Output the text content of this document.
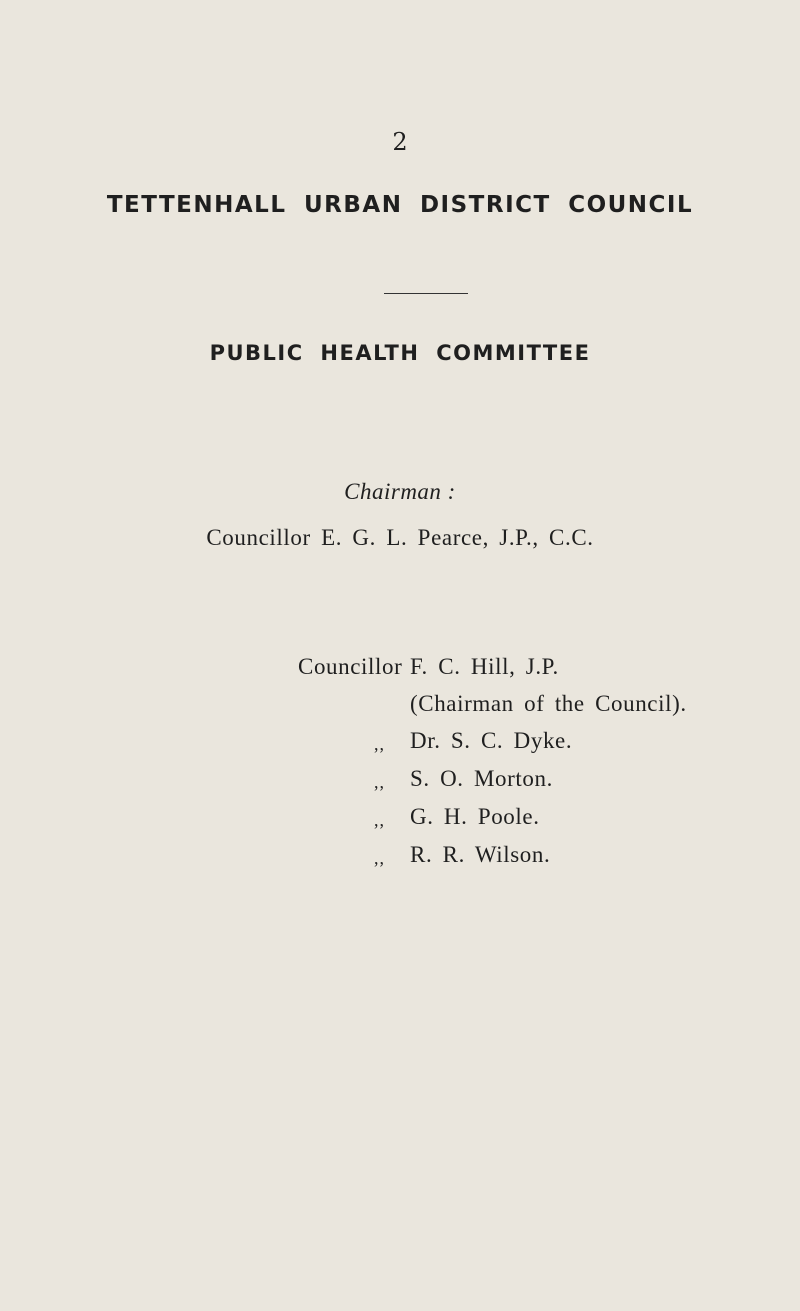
2
TETTENHALL URBAN DISTRICT COUNCIL
PUBLIC HEALTH COMMITTEE
Chairman :
Councillor E. G. L. Pearce, J.P., C.C.
Councillor F. C. Hill, J.P.
(Chairman of the Council).
,, Dr. S. C. Dyke.
,, S. O. Morton.
,, G. H. Poole.
,, R. R. Wilson.
